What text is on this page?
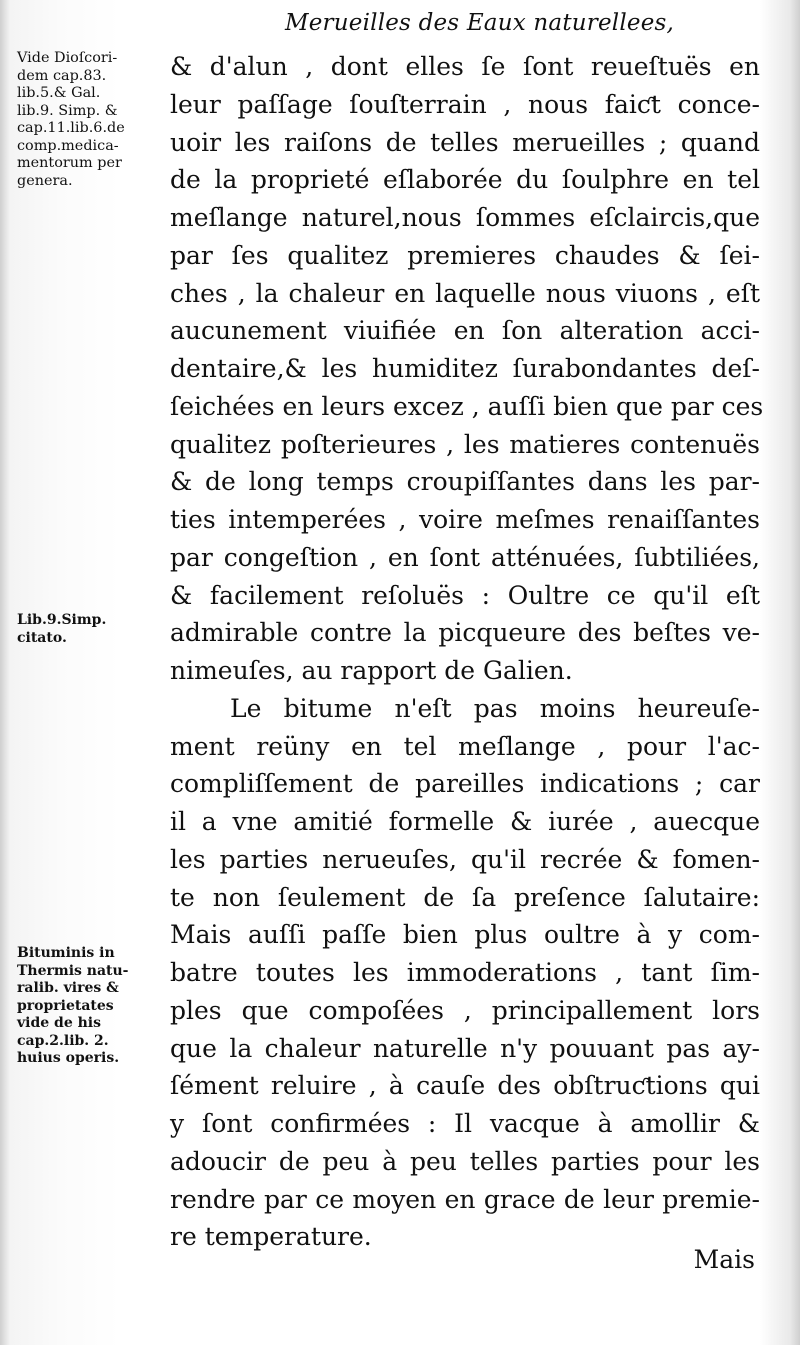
Merueilles des Eaux naturellees,
Vide Dioſcori-
dem cap.83.
lib.5.& Gal.
lib.9. Simp. &
cap.11.lib.6.de
comp.medica-
mentorum per
genera.
Lib.9.Simp.
citato.
Bituminis in
Thermis natu-
ralib. vires &
proprietates
vide de his
cap.2.lib. 2.
huius operis.
& d'alun , dont elles ſe ſont reueſtuës en
leur paſſage ſouſterrain , nous faiƈt conce-
uoir les raiſons de telles merueilles ; quand
de la proprieté eſlaborée du ſoulphre en tel
meſlange naturel,nous ſommes eſclaircis,que
par ſes qualitez premieres chaudes & ſei-
ches , la chaleur en laquelle nous viuons , eſt
aucunement viuifiée en ſon alteration acci-
dentaire,& les humiditez ſurabondantes deſ-
ſeichées en leurs excez , auſſi bien que par ces
qualitez poſterieures , les matieres contenuës
& de long temps croupiſſantes dans les par-
ties intemperées , voire meſmes renaiſſantes
par congeſtion , en ſont atténuées, ſubtiliées,
& facilement reſoluës : Oultre ce qu'il eſt
admirable contre la picqueure des beſtes ve-
nimeuſes, au rapport de Galien.
Le bitume n'eſt pas moins heureuſe-
ment reüny en tel meſlange , pour l'ac-
compliſſement de pareilles indications ; car
il a vne amitié formelle & iurée , auecque
les parties nerueuſes, qu'il recrée & fomen-
te non ſeulement de ſa preſence ſalutaire:
Mais auſſi paſſe bien plus oultre à y com-
batre toutes les immoderations , tant ſim-
ples que compoſées , principallement lors
que la chaleur naturelle n'y pouuant pas ay-
ſément reluire , à cauſe des obſtruƈtions qui
y ſont confirmées : Il vacque à amollir &
adoucir de peu à peu telles parties pour les
rendre par ce moyen en grace de leur premie-
re temperature.
Mais
